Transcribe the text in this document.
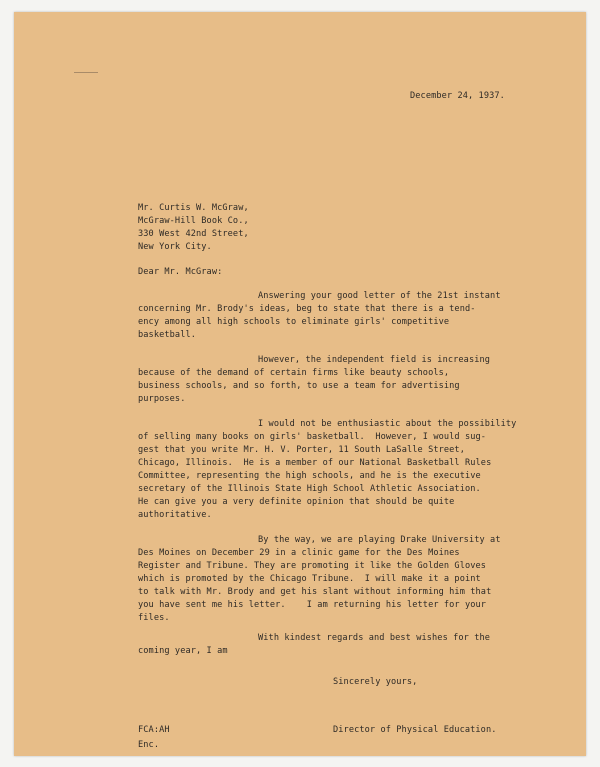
December 24, 1937.
Mr. Curtis W. McGraw,
McGraw-Hill Book Co.,
330 West 42nd Street,
New York City.
Dear Mr. McGraw:
Answering your good letter of the 21st instant
concerning Mr. Brody's ideas, beg to state that there is a tend-
ency among all high schools to eliminate girls' competitive
basketball.
However, the independent field is increasing
because of the demand of certain firms like beauty schools,
business schools, and so forth, to use a team for advertising
purposes.
I would not be enthusiastic about the possibility
of selling many books on girls' basketball.  However, I would sug-
gest that you write Mr. H. V. Porter, 11 South LaSalle Street,
Chicago, Illinois.  He is a member of our National Basketball Rules
Committee, representing the high schools, and he is the executive
secretary of the Illinois State High School Athletic Association.
He can give you a very definite opinion that should be quite
authoritative.
By the way, we are playing Drake University at
Des Moines on December 29 in a clinic game for the Des Moines
Register and Tribune. They are promoting it like the Golden Gloves
which is promoted by the Chicago Tribune.  I will make it a point
to talk with Mr. Brody and get his slant without informing him that
you have sent me his letter.    I am returning his letter for your
files.
With kindest regards and best wishes for the
coming year, I am
Sincerely yours,
FCA:AH
Enc.
Director of Physical Education.
